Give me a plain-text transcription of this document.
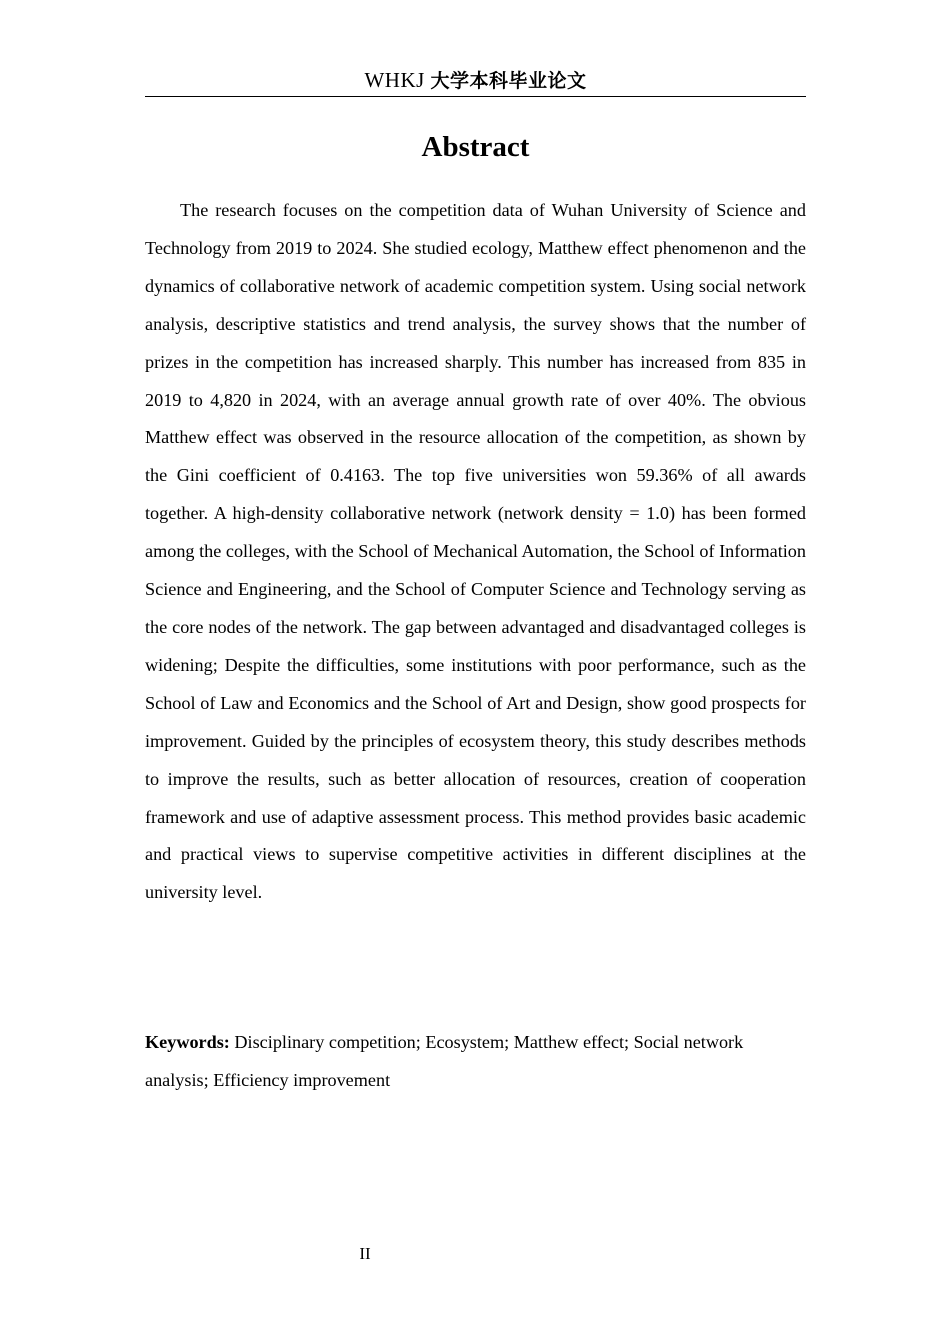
WHKJ 大学本科毕业论文
Abstract

The research focuses on the competition data of Wuhan University of Science and Technology from 2019 to 2024. She studied ecology, Matthew effect phenomenon and the dynamics of collaborative network of academic competition system. Using social network analysis, descriptive statistics and trend analysis, the survey shows that the number of prizes in the competition has increased sharply. This number has increased from 835 in 2019 to 4,820 in 2024, with an average annual growth rate of over 40%. The obvious Matthew effect was observed in the resource allocation of the competition, as shown by the Gini coefficient of 0.4163. The top five universities won 59.36% of all awards together. A high-density collaborative network (network density = 1.0) has been formed among the colleges, with the School of Mechanical Automation, the School of Information Science and Engineering, and the School of Computer Science and Technology serving as the core nodes of the network. The gap between advantaged and disadvantaged colleges is widening; Despite the difficulties, some institutions with poor performance, such as the School of Law and Economics and the School of Art and Design, show good prospects for improvement. Guided by the principles of ecosystem theory, this study describes methods to improve the results, such as better allocation of resources, creation of cooperation framework and use of adaptive assessment process. This method provides basic academic and practical views to supervise competitive activities in different disciplines at the university level.

Keywords: Disciplinary competition; Ecosystem; Matthew effect; Social network analysis; Efficiency improvement

II
